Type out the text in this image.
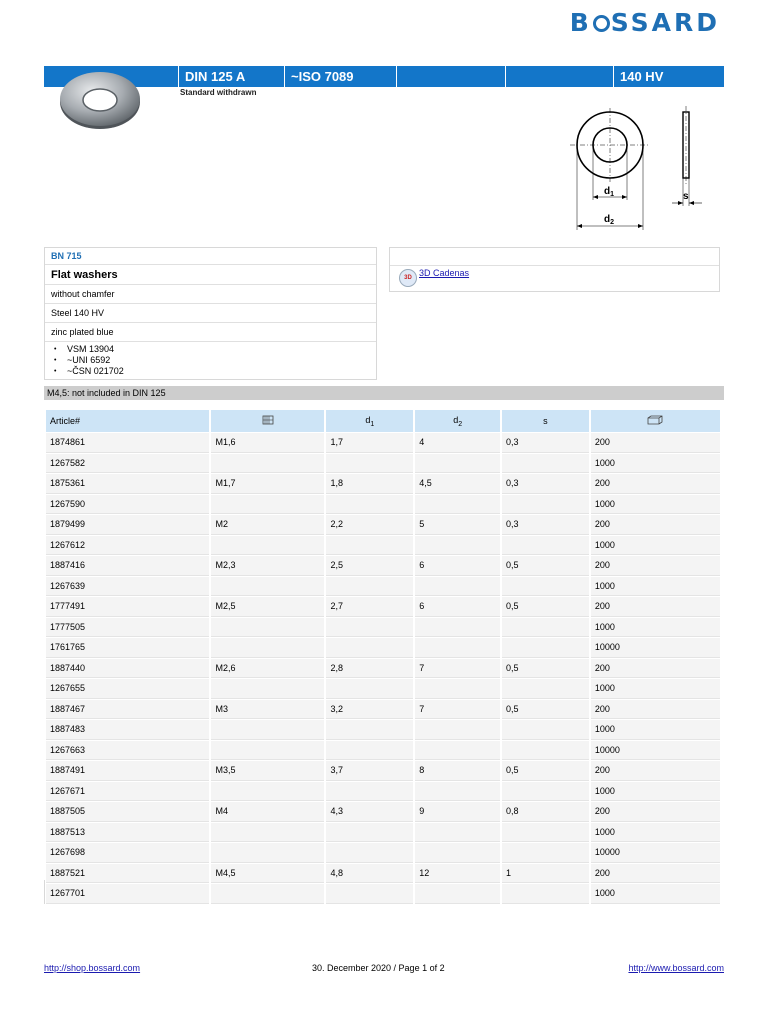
B SSARD
DIN 125 A	~ISO 7089	140 HV
Standard withdrawn
$d_1$
$d_2$
s
BN 715
Flat washers
without chamfer
Steel 140 HV
zinc plated blue
• VSM 13904
• ~UNI 6592
• ~ČSN 021702
3D 3D Cadenas
M4,5: not included in DIN 125
Article#		$d_1$	$d_2$	s	
1874861	M1,6	1,7	4	0,3	200
1267582					1000
1875361	M1,7	1,8	4,5	0,3	200
1267590					1000
1879499	M2	2,2	5	0,3	200
1267612					1000
1887416	M2,3	2,5	6	0,5	200
1267639					1000
1777491	M2,5	2,7	6	0,5	200
1777505					1000
1761765					10000
1887440	M2,6	2,8	7	0,5	200
1267655					1000
1887467	M3	3,2	7	0,5	200
1887483					1000
1267663					10000
1887491	M3,5	3,7	8	0,5	200
1267671					1000
1887505	M4	4,3	9	0,8	200
1887513					1000
1267698					10000
1887521	M4,5	4,8	12	1	200
1267701					1000
http://shop.bossard.com	30. December 2020 / Page 1 of 2	http://www.bossard.com
